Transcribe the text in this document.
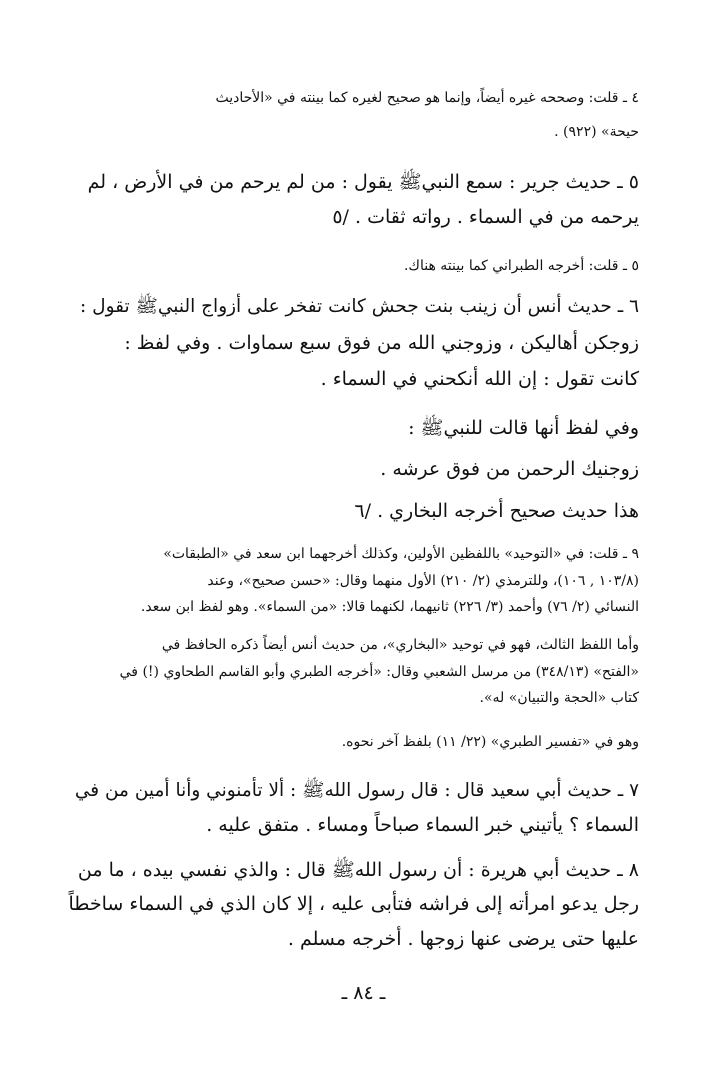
٤ ـ قلت: وصححه غيره أيضاً، وإنما هو صحيح لغيره كما بينته في «الأحاديث

حيحة» (٩٢٢) .

٥ ـ حديث جرير : سمع النبيﷺ يقول : من لم يرحم من في الأرض ، لم

يرحمه من في السماء . رواته ثقات . /٥

٥ ـ قلت: أخرجه الطبراني كما بينته هناك.

٦ ـ حديث أنس أن زينب بنت جحش كانت تفخر على أزواج النبيﷺ تقول :

زوجكن أهاليكن ، وزوجني الله من فوق سبع سماوات . وفي لفظ :

كانت تقول : إن الله أنكحني في السماء .

وفي لفظ أنها قالت للنبيﷺ :

زوجنيك الرحمن من فوق عرشه .

هذا حديث صحيح أخرجه البخاري . /٦

٩ ـ قلت: في «التوحيد» باللفظين الأولين، وكذلك أخرجهما ابن سعد في «الطبقات»

(١٠٣/٨ , ١٠٦)، وللترمذي (٢/ ٢١٠) الأول منهما وقال: «حسن صحيح»، وعند

النسائي (٢/ ٧٦) وأحمد (٣/ ٢٢٦) ثانيهما، لكنهما قالا: «من السماء». وهو لفظ ابن سعد.

وأما اللفظ الثالث، فهو في توحيد «البخاري»، من حديث أنس أيضاً ذكره الحافظ في

«الفتح» (٣٤٨/١٣) من مرسل الشعبي وقال: «أخرجه الطبري وأبو القاسم الطحاوي (!) في

كتاب «الحجة والتبيان» له».

وهو في «تفسير الطبري» (٢٢/ ١١) بلفظ آخر نحوه.

٧ ـ حديث أبي سعيد قال : قال رسول اللهﷺ : ألا تأمنوني وأنا أمين من في

السماء ؟ يأتيني خبر السماء صباحاً ومساء . متفق عليه .

٨ ـ حديث أبي هريرة : أن رسول اللهﷺ قال : والذي نفسي بيده ، ما من

رجل يدعو امرأته إلى فراشه فتأبى عليه ، إلا كان الذي في السماء ساخطاً

عليها حتى يرضى عنها زوجها . أخرجه مسلم .

ـ ٨٤ ـ
